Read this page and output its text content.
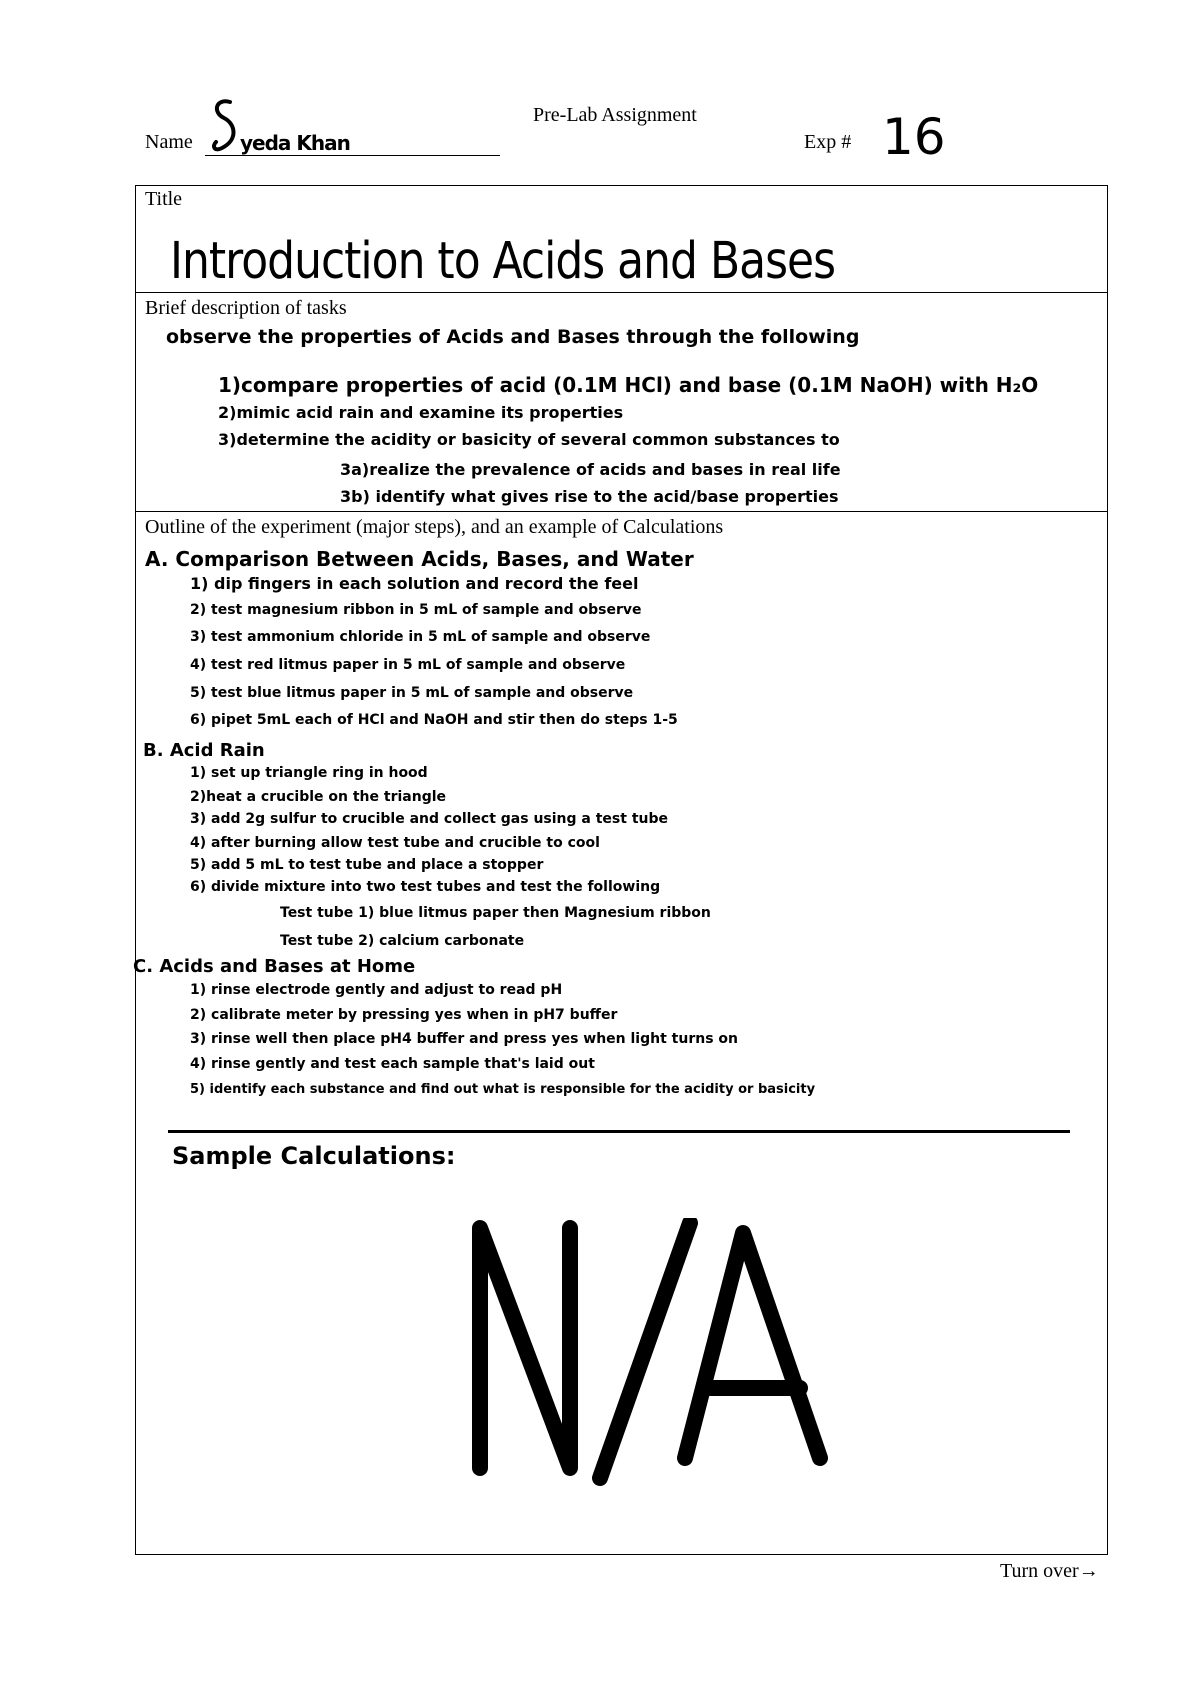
Name yeda Khan
Pre-Lab Assignment
Exp # 16
Title
Introduction to Acids and Bases
Brief description of tasks
observe the properties of Acids and Bases through the following
1)compare properties of acid (0.1M HCl) and base (0.1M NaOH) with H₂O
2)mimic acid rain and examine its properties
3)determine the acidity or basicity of several common substances to
3a)realize the prevalence of acids and bases in real life
3b) identify what gives rise to the acid/base properties
Outline of the experiment (major steps), and an example of Calculations
A. Comparison Between Acids, Bases, and Water
1) dip fingers in each solution and record the feel
2) test magnesium ribbon in 5 mL of sample and observe
3) test ammonium chloride in 5 mL of sample and observe
4) test red litmus paper in 5 mL of sample and observe
5) test blue litmus paper in 5 mL of sample and observe
6) pipet 5mL each of HCl and NaOH and stir then do steps 1-5
B. Acid Rain
1) set up triangle ring in hood
2)heat a crucible on the triangle
3) add 2g sulfur to crucible and collect gas using a test tube
4) after burning allow test tube and crucible to cool
5) add 5 mL to test tube and place a stopper
6) divide mixture into two test tubes and test the following
Test tube 1) blue litmus paper then Magnesium ribbon
Test tube 2) calcium carbonate
C. Acids and Bases at Home
1) rinse electrode gently and adjust to read pH
2) calibrate meter by pressing yes when in pH7 buffer
3) rinse well then place pH4 buffer and press yes when light turns on
4) rinse gently and test each sample that's laid out
5) identify each substance and find out what is responsible for the acidity or basicity
Sample Calculations:
Turn over→
